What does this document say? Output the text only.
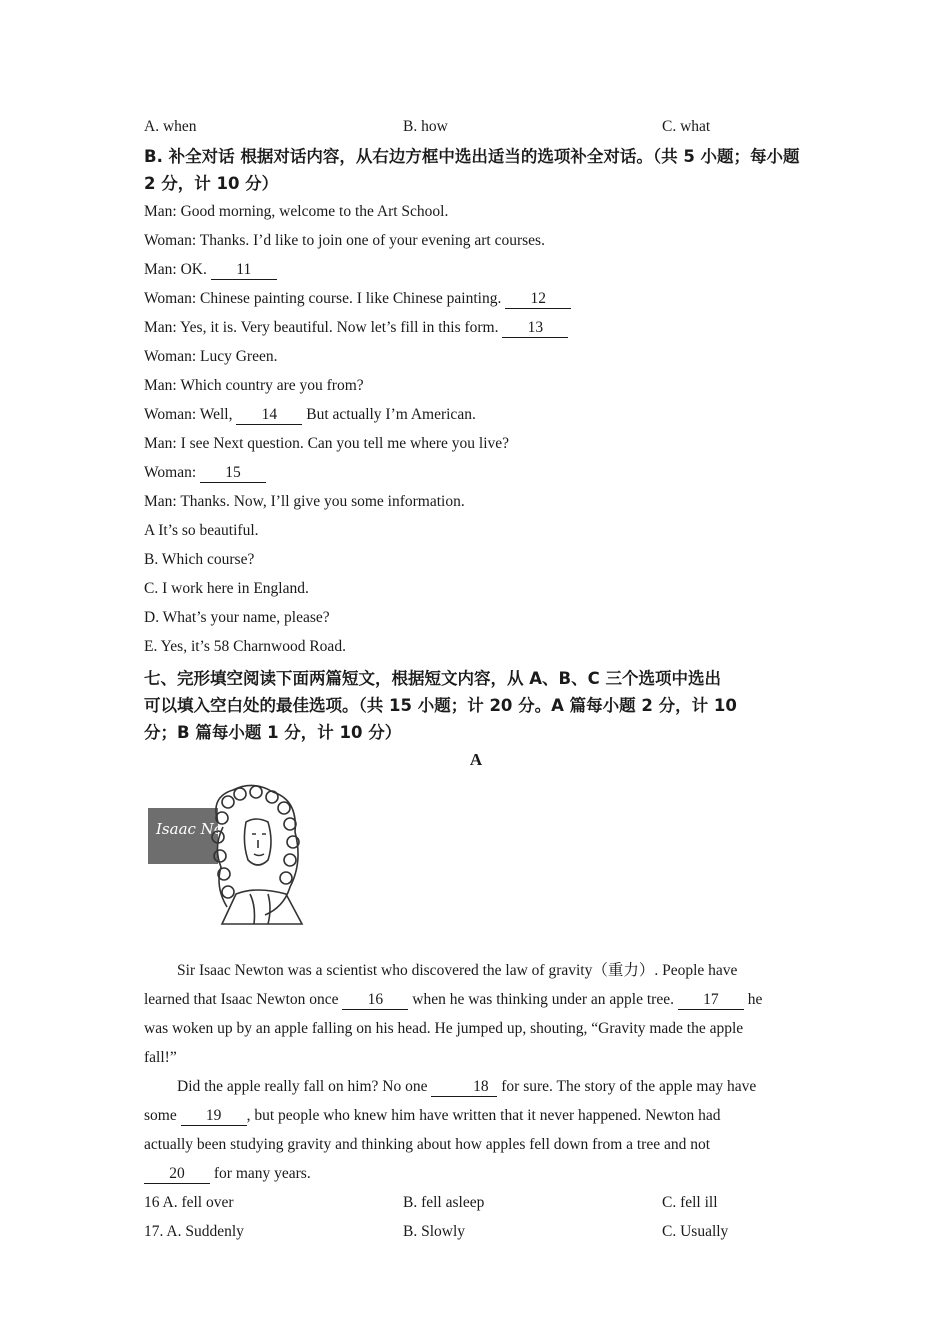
A. when	B. how	C. what
B. 补全对话 根据对话内容，从右边方框中选出适当的选项补全对话。（共 5 小题；每小题 2 分，计 10 分）
Man: Good morning, welcome to the Art School.
Woman: Thanks. I’d like to join one of your evening art courses.
Man: OK. 11
Woman: Chinese painting course. I like Chinese painting. 12
Man: Yes, it is. Very beautiful. Now let’s fill in this form. 13
Woman: Lucy Green.
Man: Which country are you from?
Woman: Well, 14 But actually I’m American.
Man: I see Next question. Can you tell me where you live?
Woman: 15
Man: Thanks. Now, I’ll give you some information.
A It’s so beautiful.
B. Which course?
C. I work here in England.
D. What’s your name, please?
E. Yes, it’s 58 Charnwood Road.
七、完形填空阅读下面两篇短文，根据短文内容，从 A、B、C 三个选项中选出
可以填入空白处的最佳选项。（共 15 小题；计 20 分。A 篇每小题 2 分，计 10
分；B 篇每小题 1 分，计 10 分）
A
Isaac Newton

Sir Isaac Newton was a scientist who discovered the law of gravity（重力）. People have

learned that Isaac Newton once 16 when he was thinking under an apple tree. 17 he
was woken up by an apple falling on his head. He jumped up, shouting, “Gravity made the apple
fall!”

Did the apple really fall on him? No one	18 for sure. The story of the apple may have

some 19 , but people who knew him have written that it never happened. Newton had
actually been studying gravity and thinking about how apples fell down from a tree and not
20 for many years.
16 A. fell over	B. fell asleep	C. fell ill
17. A. Suddenly	B. Slowly	C. Usually
